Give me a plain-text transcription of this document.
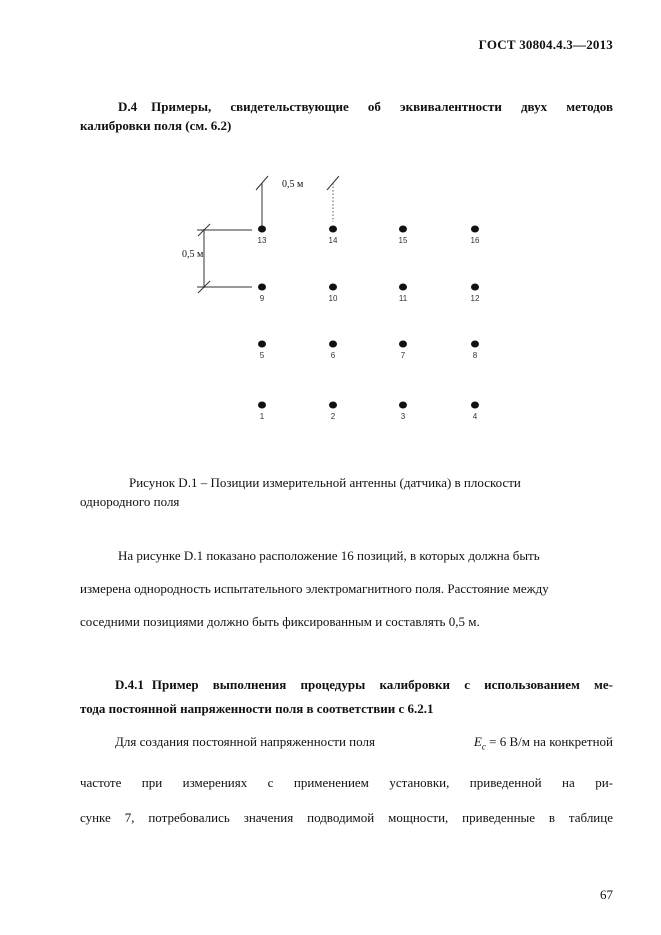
ГОСТ 30804.4.3—2013
D.4 Примеры, свидетельствующие об эквивалентности двух методов
калибровки поля (см. 6.2)
0,5 м
0,5 м
13	14	15	16
9	10	11	12
5	6	7	8
1	2	3	4
Рисунок D.1 – Позиции измерительной антенны (датчика) в плоскости
однородного поля
На рисунке D.1 показано расположение 16 позиций, в которых должна быть
измерена однородность испытательного электромагнитного поля. Расстояние между
соседними позициями должно быть фиксированным и составлять 0,5 м.
D.4.1 Пример выполнения процедуры калибровки с использованием ме-
тода постоянной напряженности поля в соответствии с 6.2.1
Для создания постоянной напряженности поля	$E_c = 6$ В/м на конкретной
частоте при измерениях с применением установки, приведенной на ри-
сунке 7, потребовались значения подводимой мощности, приведенные в таблице
67
